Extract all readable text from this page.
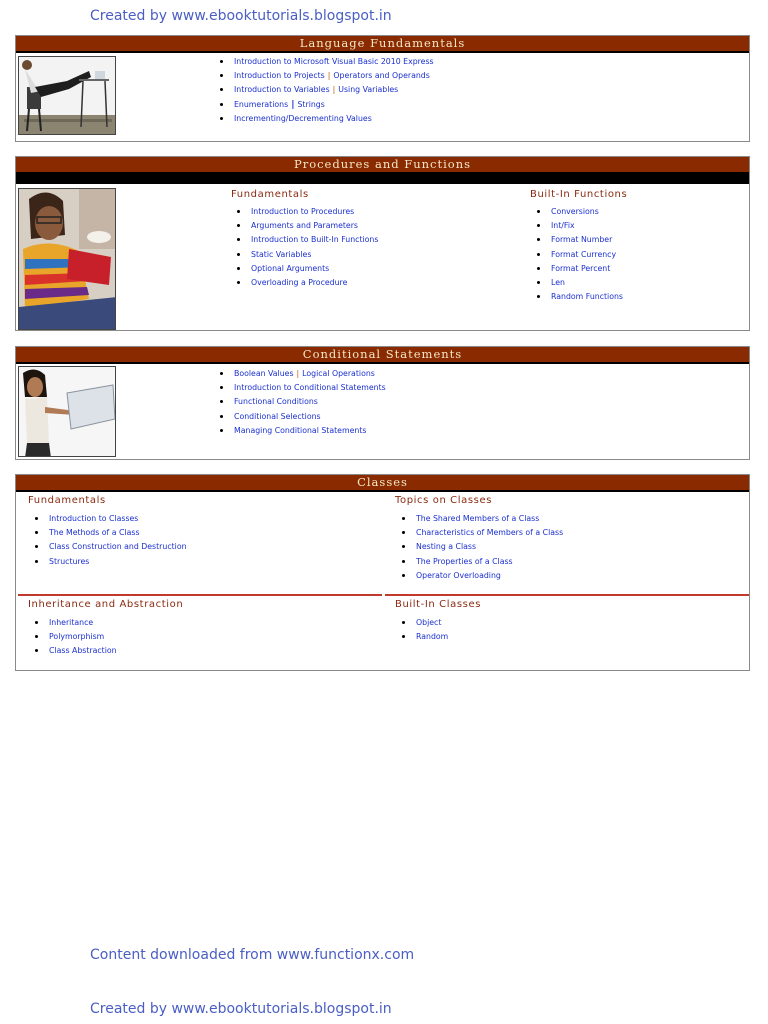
Created by www.ebooktutorials.blogspot.in
Language Fundamentals
Introduction to Microsoft Visual Basic 2010 Express
Introduction to Projects | Operators and Operands
Introduction to Variables | Using Variables
Enumerations | Strings
Incrementing/Decrementing Values
Procedures and Functions
Fundamentals
Introduction to Procedures
Arguments and Parameters
Introduction to Built-In Functions
Static Variables
Optional Arguments
Overloading a Procedure
Built-In Functions
Conversions
Int/Fix
Format Number
Format Currency
Format Percent
Len
Random Functions
Conditional Statements
Boolean Values | Logical Operations
Introduction to Conditional Statements
Functional Conditions
Conditional Selections
Managing Conditional Statements
Classes
Fundamentals
Introduction to Classes
The Methods of a Class
Class Construction and Destruction
Structures
Topics on Classes
The Shared Members of a Class
Characteristics of Members of a Class
Nesting a Class
The Properties of a Class
Operator Overloading
Inheritance and Abstraction
Inheritance
Polymorphism
Class Abstraction
Built-In Classes
Object
Random
Content downloaded from www.functionx.com
Created by www.ebooktutorials.blogspot.in
